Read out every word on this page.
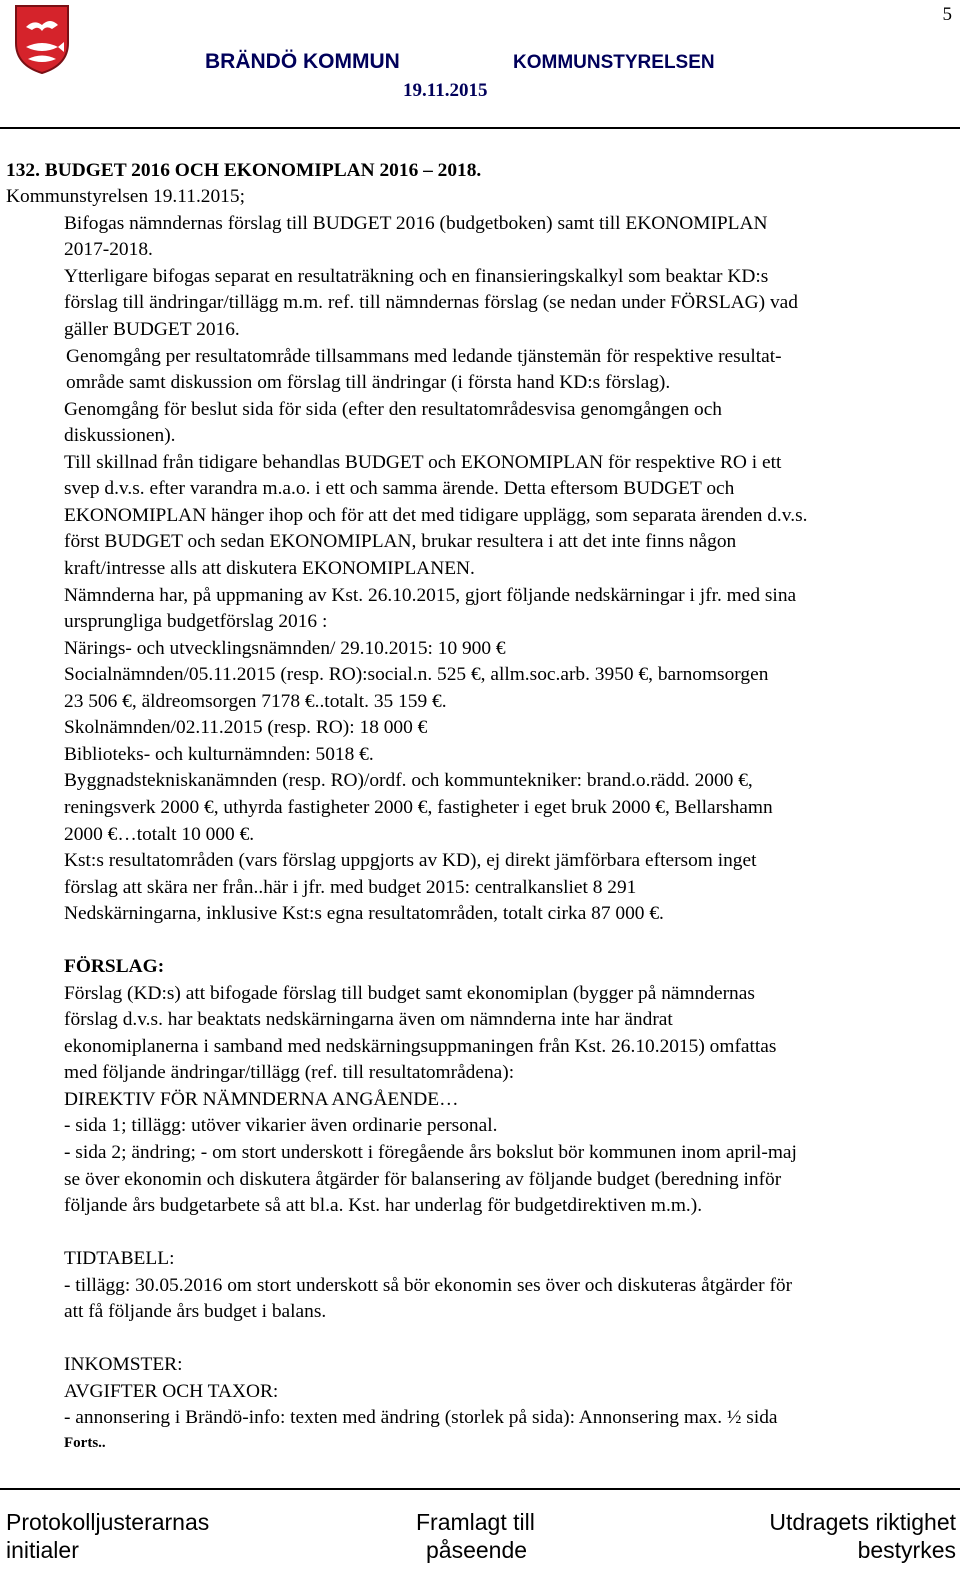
5
BRÄNDÖ KOMMUN	KOMMUNSTYRELSEN
19.11.2015
132. BUDGET 2016 OCH EKONOMIPLAN 2016 – 2018.
Kommunstyrelsen 19.11.2015;
Bifogas nämndernas förslag till BUDGET 2016 (budgetboken) samt till EKONOMIPLAN
2017-2018.
Ytterligare bifogas separat en resultaträkning och en finansieringskalkyl som beaktar KD:s
förslag till ändringar/tillägg m.m. ref. till nämndernas förslag (se nedan under FÖRSLAG) vad
gäller BUDGET 2016.
Genomgång per resultatområde tillsammans med ledande tjänstemän för respektive resultat-
område samt diskussion om förslag till ändringar (i första hand KD:s förslag).
Genomgång för beslut sida för sida (efter den resultatområdesvisa genomgången och
diskussionen).
Till skillnad från tidigare behandlas BUDGET och EKONOMIPLAN för respektive RO i ett
svep d.v.s. efter varandra m.a.o. i ett och samma ärende. Detta eftersom BUDGET och
EKONOMIPLAN hänger ihop och för att det med tidigare upplägg, som separata ärenden d.v.s.
först BUDGET och sedan EKONOMIPLAN, brukar resultera i att det inte finns någon
kraft/intresse alls att diskutera EKONOMIPLANEN.
Nämnderna har, på uppmaning av Kst. 26.10.2015, gjort följande nedskärningar i jfr. med sina
ursprungliga budgetförslag 2016 :
Närings- och utvecklingsnämnden/ 29.10.2015: 10 900 €
Socialnämnden/05.11.2015 (resp. RO):social.n. 525 €, allm.soc.arb. 3950 €, barnomsorgen
23 506 €, äldreomsorgen 7178 €..totalt. 35 159 €.
Skolnämnden/02.11.2015 (resp. RO): 18 000 €
Biblioteks- och kulturnämnden: 5018 €.
Byggnadstekniskanämnden (resp. RO)/ordf. och kommuntekniker: brand.o.rädd. 2000 €,
reningsverk 2000 €, uthyrda fastigheter 2000 €, fastigheter i eget bruk 2000 €, Bellarshamn
2000 €…totalt 10 000 €.
Kst:s resultatområden (vars förslag uppgjorts av KD), ej direkt jämförbara eftersom inget
förslag att skära ner från..här i jfr. med budget 2015: centralkansliet 8 291
Nedskärningarna, inklusive Kst:s egna resultatområden, totalt cirka 87 000 €.
FÖRSLAG:
Förslag (KD:s) att bifogade förslag till budget samt ekonomiplan (bygger på nämndernas
förslag d.v.s. har beaktats nedskärningarna även om nämnderna inte har ändrat
ekonomiplanerna i samband med nedskärningsuppmaningen från Kst. 26.10.2015) omfattas
med följande ändringar/tillägg (ref. till resultatområdena):
DIREKTIV FÖR NÄMNDERNA ANGÅENDE…
- sida 1; tillägg: utöver vikarier även ordinarie personal.
- sida 2; ändring; - om stort underskott i föregående års bokslut bör kommunen inom april-maj
se över ekonomin och diskutera åtgärder för balansering av följande budget (beredning inför
följande års budgetarbete så att bl.a. Kst. har underlag för budgetdirektiven m.m.).
TIDTABELL:
- tillägg: 30.05.2016 om stort underskott så bör ekonomin ses över och diskuteras åtgärder för
att få följande års budget i balans.
INKOMSTER:
AVGIFTER OCH TAXOR:
- annonsering i Brändö-info: texten med ändring (storlek på sida): Annonsering max. ½ sida
Forts..
Protokolljusterarnas
initialer
Framlagt till
påseende
Utdragets riktighet
bestyrkes
